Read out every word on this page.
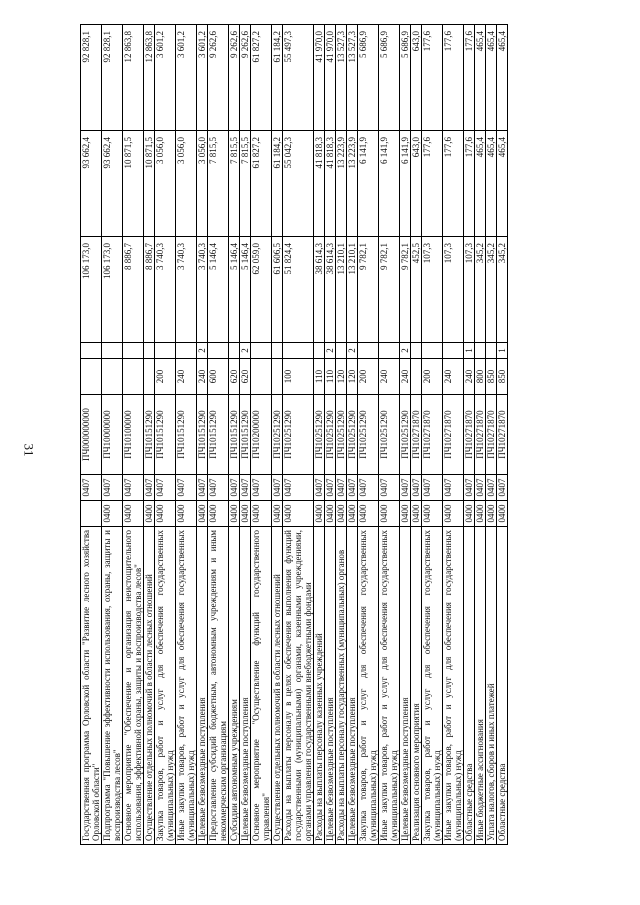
31
Государственная программа Орловской области "Развитие лесного хозяйства Орловской области"		0407	ПЧ000000000			106 173,0	93 662,4	92 828,1
Подпрограмма "Повышение эффективности использования, охраны, защиты и воспроизводства лесов"	0400	0407	ПЧ10000000			106 173,0	93 662,4	92 828,1
Основное мероприятие "Обеспечение и организация неистощительного использования, эффективной охраны, защиты и воспроизводства лесов"	0400	0407	ПЧ10100000			8 886,7	10 871,5	12 863,8
Осуществление отдельных полномочий в области лесных отношений	0400	0407	ПЧ10151290			8 886,7	10 871,5	12 863,8
Закупка товаров, работ и услуг для обеспечения государственных (муниципальных) нужд	0400	0407	ПЧ10151290	200		3 740,3	3 056,0	3 601,2
Иные закупки товаров, работ и услуг для обеспечения государственных (муниципальных) нужд	0400	0407	ПЧ10151290	240		3 740,3	3 056,0	3 601,2
Целевые безвозмездные поступления	0400	0407	ПЧ10151290	240	2	3 740,3	3 056,0	3 601,2
Предоставление субсидий бюджетным, автономным учреждениям и иным некоммерческим организациям	0400	0407	ПЧ10151290	600		5 146,4	7 815,5	9 262,6
Субсидии автономным учреждениям	0400	0407	ПЧ10151290	620		5 146,4	7 815,5	9 262,6
Целевые безвозмездные поступления	0400	0407	ПЧ10151290	620	2	5 146,4	7 815,5	9 262,6
Основное мероприятие "Осуществление функций государственного управления"	0400	0407	ПЧ10200000			62 059,0	61 827,2	61 827,2
Осуществление отдельных полномочий в области лесных отношений	0400	0407	ПЧ10251290			61 606,5	61 184,2	61 184,2
Расходы на выплаты персоналу в целях обеспечения выполнения функций государственными (муниципальными) органами, казенными учреждениями, органами управления государственными внебюджетными фондами	0400	0407	ПЧ10251290	100		51 824,4	55 042,3	55 497,3
Расходы на выплаты персоналу казенных учреждений	0400	0407	ПЧ10251290	110		38 614,3	41 818,3	41 970,0
Целевые безвозмездные поступления	0400	0407	ПЧ10251290	110	2	38 614,3	41 818,3	41 970,0
Расходы на выплаты персоналу государственных (муниципальных) органов	0400	0407	ПЧ10251290	120		13 210,1	13 223,9	13 527,3
Целевые безвозмездные поступления	0400	0407	ПЧ10251290	120	2	13 210,1	13 223,9	13 527,3
Закупка товаров, работ и услуг для обеспечения государственных (муниципальных) нужд	0400	0407	ПЧ10251290	200		9 782,1	6 141,9	5 686,9
Иные закупки товаров, работ и услуг для обеспечения государственных (муниципальных) нужд	0400	0407	ПЧ10251290	240		9 782,1	6 141,9	5 686,9
Целевые безвозмездные поступления	0400	0407	ПЧ10251290	240	2	9 782,1	6 141,9	5 686,9
Реализация основного мероприятия	0400	0407	ПЧ10271870			452,5	643,0	643,0
Закупка товаров, работ и услуг для обеспечения государственных (муниципальных) нужд	0400	0407	ПЧ10271870	200		107,3	177,6	177,6
Иные закупки товаров, работ и услуг для обеспечения государственных (муниципальных) нужд	0400	0407	ПЧ10271870	240		107,3	177,6	177,6
Областные средства	0400	0407	ПЧ10271870	240	1	107,3	177,6	177,6
Иные бюджетные ассигнования	0400	0407	ПЧ10271870	800		345,2	465,4	465,4
Уплата налогов, сборов и иных платежей	0400	0407	ПЧ10271870	850		345,2	465,4	465,4
Областные средства	0400	0407	ПЧ10271870	850	1	345,2	465,4	465,4
